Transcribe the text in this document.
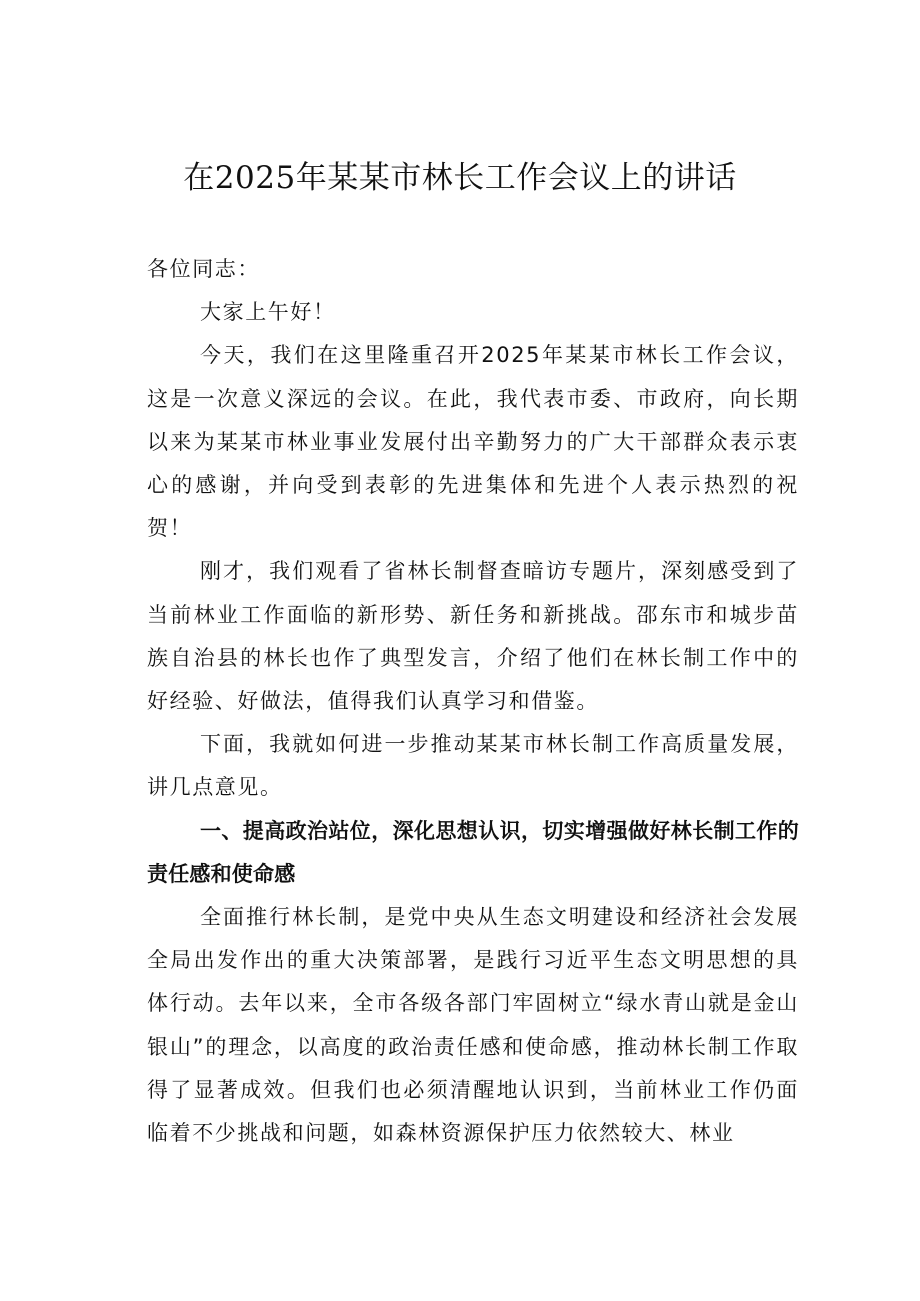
在2025年某某市林长工作会议上的讲话

各位同志：

大家上午好！

今天，我们在这里隆重召开2025年某某市林长工作会议，这是一次意义深远的会议。在此，我代表市委、市政府，向长期以来为某某市林业事业发展付出辛勤努力的广大干部群众表示衷心的感谢，并向受到表彰的先进集体和先进个人表示热烈的祝贺！

刚才，我们观看了省林长制督查暗访专题片，深刻感受到了当前林业工作面临的新形势、新任务和新挑战。邵东市和城步苗族自治县的林长也作了典型发言，介绍了他们在林长制工作中的好经验、好做法，值得我们认真学习和借鉴。

下面，我就如何进一步推动某某市林长制工作高质量发展，讲几点意见。

一、提高政治站位，深化思想认识，切实增强做好林长制工作的责任感和使命感

全面推行林长制，是党中央从生态文明建设和经济社会发展全局出发作出的重大决策部署，是践行习近平生态文明思想的具体行动。去年以来，全市各级各部门牢固树立“绿水青山就是金山银山”的理念，以高度的政治责任感和使命感，推动林长制工作取得了显著成效。但我们也必须清醒地认识到，当前林业工作仍面临着不少挑战和问题，如森林资源保护压力依然较大、林业
